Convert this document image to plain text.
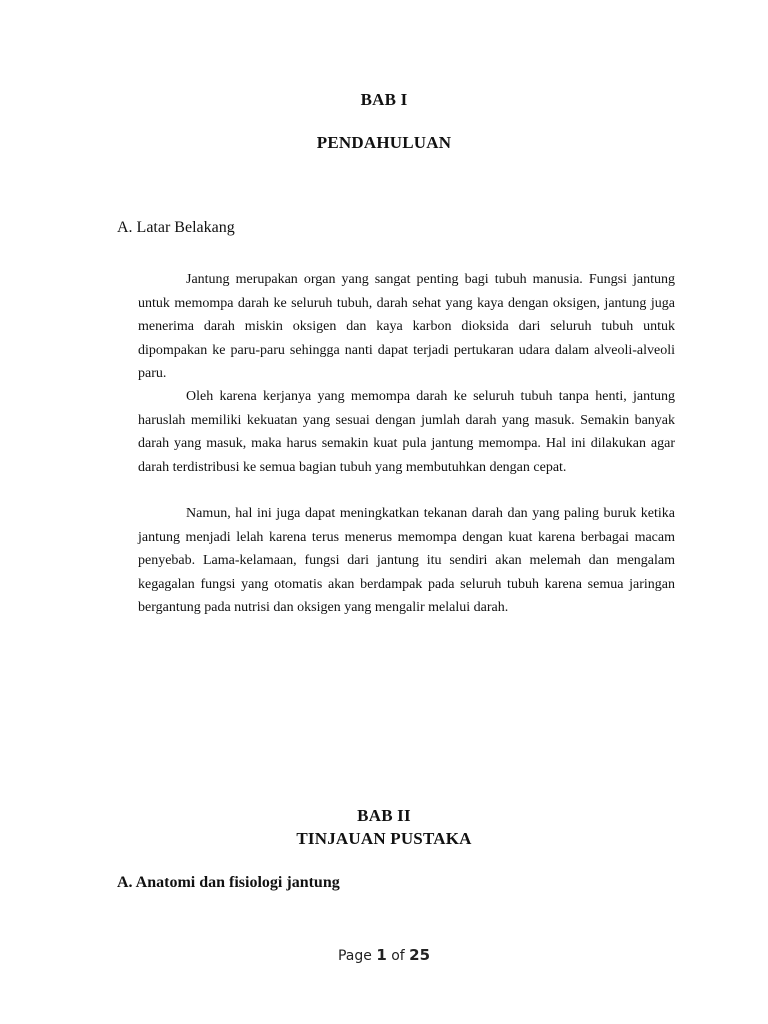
BAB I
PENDAHULUAN
A. Latar Belakang

Jantung merupakan organ yang sangat penting bagi tubuh manusia. Fungsi jantung untuk memompa darah ke seluruh tubuh, darah sehat yang kaya dengan oksigen, jantung juga menerima darah miskin oksigen dan kaya karbon dioksida dari seluruh tubuh untuk dipompakan ke paru-paru sehingga nanti dapat terjadi pertukaran udara dalam alveoli-alveoli paru.

Oleh karena kerjanya yang memompa darah ke seluruh tubuh tanpa henti, jantung haruslah memiliki kekuatan yang sesuai dengan jumlah darah yang masuk. Semakin banyak darah yang masuk, maka harus semakin kuat pula jantung memompa. Hal ini dilakukan agar darah terdistribusi ke semua bagian tubuh yang membutuhkan dengan cepat.

Namun, hal ini juga dapat meningkatkan tekanan darah dan yang paling buruk ketika jantung menjadi lelah karena terus menerus memompa dengan kuat karena berbagai macam penyebab. Lama-kelamaan, fungsi dari jantung itu sendiri akan melemah dan mengalam kegagalan fungsi yang otomatis akan berdampak pada seluruh tubuh karena semua jaringan bergantung pada nutrisi dan oksigen yang mengalir melalui darah.

BAB II
TINJAUAN PUSTAKA
A. Anatomi dan fisiologi jantung
Page 1 of 25
